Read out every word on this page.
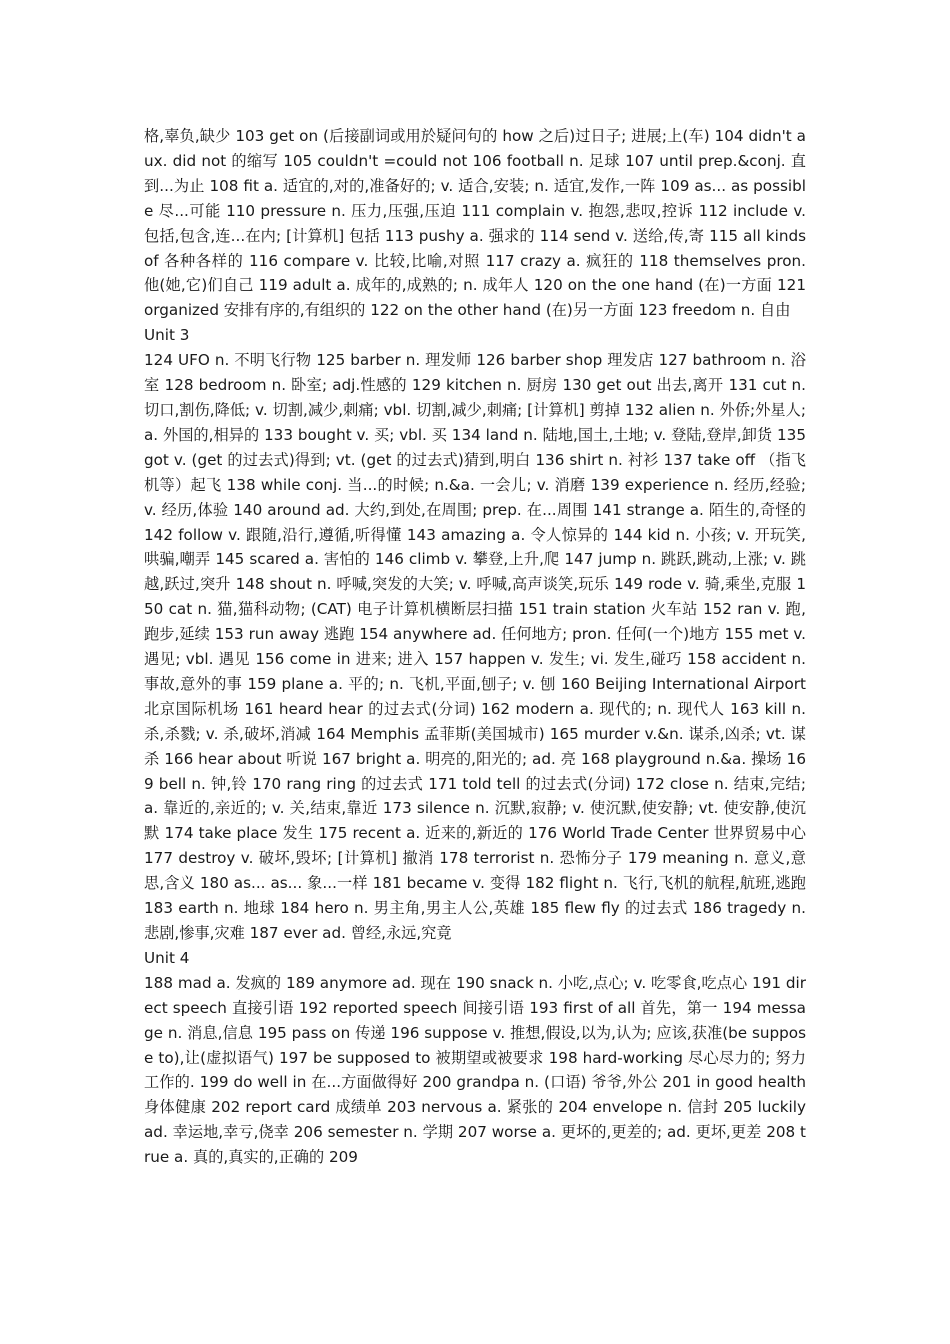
格,辜负,缺少 103 get on (后接副词或用於疑问句的 how 之后)过日子; 进展;上(车) 104 didn't aux. did not 的缩写 105 couldn't =could not 106 football n. 足球 107 until prep.&conj. 直到...为止 108 fit a. 适宜的,对的,准备好的; v. 适合,安装; n. 适宜,发作,一阵 109 as... as possible 尽...可能 110 pressure n. 压力,压强,压迫 111 complain v. 抱怨,悲叹,控诉 112 include v. 包括,包含,连...在内; [计算机] 包括 113 pushy a. 强求的 114 send v. 送给,传,寄 115 all kinds of 各种各样的 116 compare v. 比较,比喻,对照 117 crazy a. 疯狂的 118 themselves pron. 他(她,它)们自己 119 adult a. 成年的,成熟的; n. 成年人 120 on the one hand (在)一方面 121 organized 安排有序的,有组织的 122 on the other hand (在)另一方面 123 freedom n. 自由

Unit 3

124 UFO n. 不明飞行物 125 barber n. 理发师 126 barber shop 理发店 127 bathroom n. 浴室 128 bedroom n. 卧室; adj.性感的 129 kitchen n. 厨房 130 get out 出去,离开 131 cut n. 切口,割伤,降低; v. 切割,减少,刺痛; vbl. 切割,减少,刺痛; [计算机] 剪掉 132 alien n. 外侨;外星人; a. 外国的,相异的 133 bought v. 买; vbl. 买 134 land n. 陆地,国土,土地; v. 登陆,登岸,卸货 135 got v. (get 的过去式)得到; vt. (get 的过去式)猜到,明白 136 shirt n. 衬衫 137 take off （指飞机等）起飞 138 while conj. 当...的时候; n.&a. 一会儿; v. 消磨 139 experience n. 经历,经验; v. 经历,体验 140 around ad. 大约,到处,在周围; prep. 在...周围 141 strange a. 陌生的,奇怪的 142 follow v. 跟随,沿行,遵循,听得懂 143 amazing a. 令人惊异的 144 kid n. 小孩; v. 开玩笑,哄骗,嘲弄 145 scared a. 害怕的 146 climb v. 攀登,上升,爬 147 jump n. 跳跃,跳动,上涨; v. 跳越,跃过,突升 148 shout n. 呼喊,突发的大笑; v. 呼喊,高声谈笑,玩乐 149 rode v. 骑,乘坐,克服 150 cat n. 猫,猫科动物; (CAT) 电子计算机横断层扫描 151 train station 火车站 152 ran v. 跑,跑步,延续 153 run away 逃跑 154 anywhere ad. 任何地方; pron. 任何(一个)地方 155 met v. 遇见; vbl. 遇见 156 come in 进来; 进入 157 happen v. 发生; vi. 发生,碰巧 158 accident n. 事故,意外的事 159 plane a. 平的; n. 飞机,平面,刨子; v. 刨 160 Beijing International Airport 北京国际机场 161 heard hear 的过去式(分词) 162 modern a. 现代的; n. 现代人 163 kill n. 杀,杀戮; v. 杀,破坏,消减 164 Memphis 孟菲斯(美国城市) 165 murder v.&n. 谋杀,凶杀; vt. 谋杀 166 hear about 听说 167 bright a. 明亮的,阳光的; ad. 亮 168 playground n.&a. 操场 169 bell n. 钟,铃 170 rang ring 的过去式 171 told tell 的过去式(分词) 172 close n. 结束,完结; a. 靠近的,亲近的; v. 关,结束,靠近 173 silence n. 沉默,寂静; v. 使沉默,使安静; vt. 使安静,使沉默 174 take place 发生 175 recent a. 近来的,新近的 176 World Trade Center 世界贸易中心 177 destroy v. 破坏,毁坏; [计算机] 撤消 178 terrorist n. 恐怖分子 179 meaning n. 意义,意思,含义 180 as... as... 象...一样 181 became v. 变得 182 flight n. 飞行,飞机的航程,航班,逃跑 183 earth n. 地球 184 hero n. 男主角,男主人公,英雄 185 flew fly 的过去式 186 tragedy n. 悲剧,惨事,灾难 187 ever ad. 曾经,永远,究竟

Unit 4

188 mad a. 发疯的 189 anymore ad. 现在 190 snack n. 小吃,点心; v. 吃零食,吃点心 191 direct speech 直接引语 192 reported speech 间接引语 193 first of all 首先，第一 194 message n. 消息,信息 195 pass on 传递 196 suppose v. 推想,假设,以为,认为; 应该,获准(be suppose to),让(虚拟语气) 197 be supposed to 被期望或被要求 198 hard-working 尽心尽力的; 努力工作的. 199 do well in 在...方面做得好 200 grandpa n. (口语) 爷爷,外公 201 in good health 身体健康 202 report card 成绩单 203 nervous a. 紧张的 204 envelope n. 信封 205 luckily ad. 幸运地,幸亏,侥幸 206 semester n. 学期 207 worse a. 更坏的,更差的; ad. 更坏,更差 208 true a. 真的,真实的,正确的 209
